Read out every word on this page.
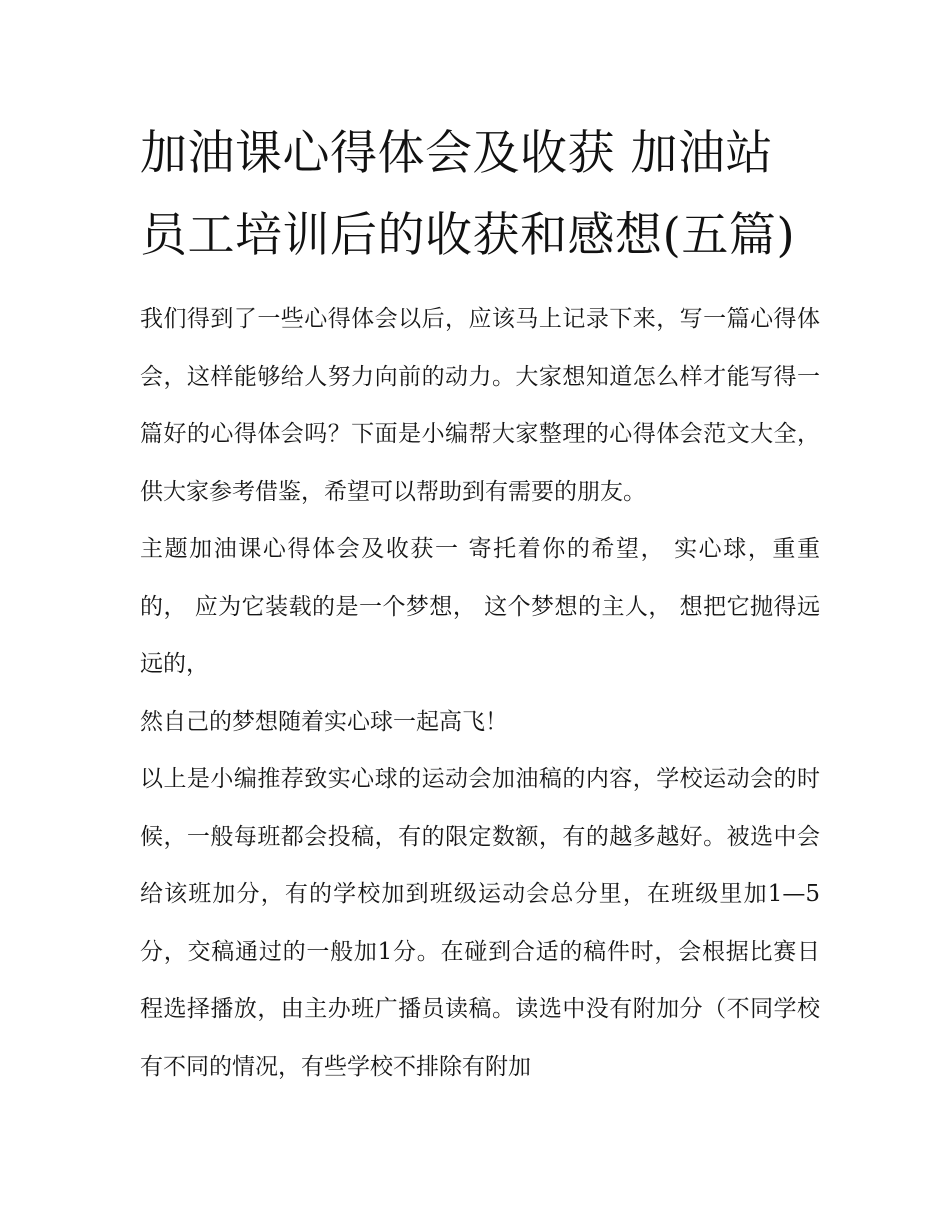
加油课心得体会及收获 加油站员工培训后的收获和感想(五篇)

我们得到了一些心得体会以后，应该马上记录下来，写一篇心得体会，这样能够给人努力向前的动力。大家想知道怎么样才能写得一篇好的心得体会吗？下面是小编帮大家整理的心得体会范文大全，供大家参考借鉴，希望可以帮助到有需要的朋友。

主题加油课心得体会及收获一 寄托着你的希望， 实心球，重重的， 应为它装载的是一个梦想， 这个梦想的主人， 想把它抛得远远的，

然自己的梦想随着实心球一起高飞！

以上是小编推荐致实心球的运动会加油稿的内容，学校运动会的时候，一般每班都会投稿，有的限定数额，有的越多越好。被选中会给该班加分，有的学校加到班级运动会总分里，在班级里加1—5分，交稿通过的一般加1分。在碰到合适的稿件时，会根据比赛日程选择播放，由主办班广播员读稿。读选中没有附加分（不同学校有不同的情况，有些学校不排除有附加
